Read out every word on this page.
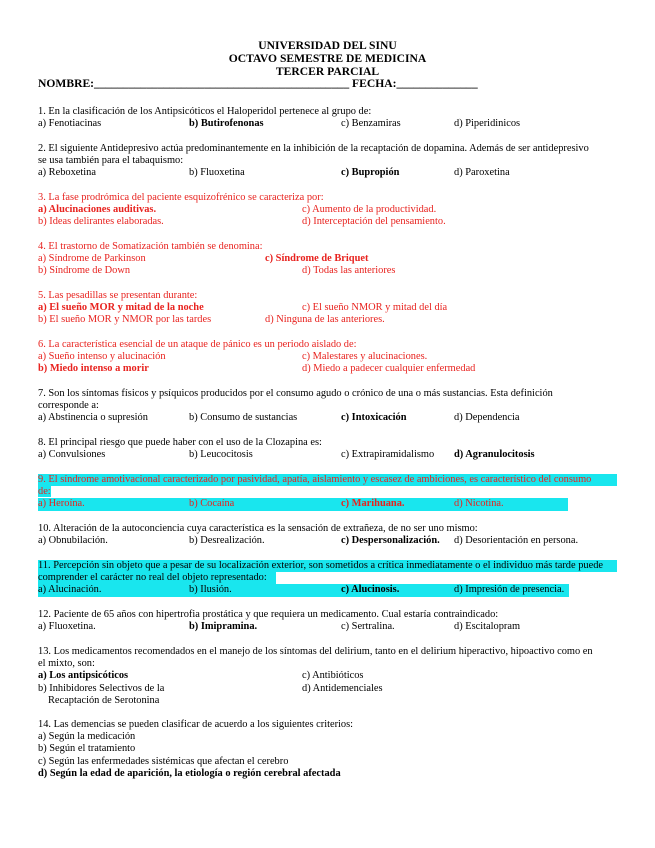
UNIVERSIDAD DEL SINU
OCTAVO SEMESTRE DE MEDICINA
TERCER PARCIAL
NOMBRE:____________________________________________ FECHA:______________
1. En la clasificación de los Antipsicóticos el Haloperidol pertenece al grupo de:
a) Fenotiacinas	b) Butirofenonas	c) Benzamiras	d) Piperidinicos
2. El siguiente Antidepresivo actúa predominantemente en la inhibición de la recaptación de dopamina. Además de ser antidepresivo
se usa también para el tabaquismo:
a) Reboxetina	b) Fluoxetina	c) Bupropión	d) Paroxetina
3. La fase prodrómica del paciente esquizofrénico se caracteriza por:
a) Alucinaciones auditivas.	c) Aumento de la productividad.
b) Ideas delirantes elaboradas.	d) Interceptación del pensamiento.
4. El trastorno de Somatización también se denomina:
a) Síndrome de Parkinson	c) Síndrome de Briquet
b) Síndrome de Down	d) Todas las anteriores
5. Las pesadillas se presentan durante:
a) El sueño MOR y mitad de la noche	c) El sueño NMOR y mitad del día
b) El sueño MOR y NMOR por las tardes	d) Ninguna de las anteriores.
6. La característica esencial de un ataque de pánico es un periodo aislado de:
a) Sueño intenso y alucinación	c) Malestares y alucinaciones.
b) Miedo intenso a morir	d) Miedo a padecer cualquier enfermedad
7. Son los síntomas físicos y psíquicos producidos por el consumo agudo o crónico de una o más sustancias. Esta definición
corresponde a:
a) Abstinencia o supresión	b) Consumo de sustancias	c) Intoxicación	d) Dependencia
8. El principal riesgo que puede haber con el uso de la Clozapina es:
a) Convulsiones	b) Leucocitosis	c) Extrapiramidalismo d) Agranulocitosis
9. El síndrome amotivacional caracterizado por pasividad, apatía, aislamiento y escasez de ambiciones, es característico del consumo
de:
a) Heroína.	b) Cocaína	c) Marihuana.	d) Nicotina.
10. Alteración de la autoconciencia cuya característica es la sensación de extrañeza, de no ser uno mismo:
a) Obnubilación.	b) Desrealización.	c) Despersonalización. d) Desorientación en persona.
11. Percepción sin objeto que a pesar de su localización exterior, son sometidos a crítica inmediatamente o el individuo más tarde puede
comprender el carácter no real del objeto representado:
a) Alucinación.	b) Ilusión.	c) Alucinosis.	d) Impresión de presencia.
12. Paciente de 65 años con hipertrofia prostática y que requiera un medicamento. Cual estaría contraindicado:
a) Fluoxetina.	b) Imipramina.	c) Sertralina.	d) Escitalopram
13. Los medicamentos recomendados en el manejo de los síntomas del delirium, tanto en el delirium hiperactivo, hipoactivo como en
el mixto, son:
a) Los antipsicóticos	c) Antibióticos
b) Inhibidores Selectivos de la	d) Antidemenciales
Recaptación de Serotonina
14. Las demencias se pueden clasificar de acuerdo a los siguientes criterios:
a) Según la medicación
b) Según el tratamiento
c) Según las enfermedades sistémicas que afectan el cerebro
d) Según la edad de aparición, la etiología o región cerebral afectada
